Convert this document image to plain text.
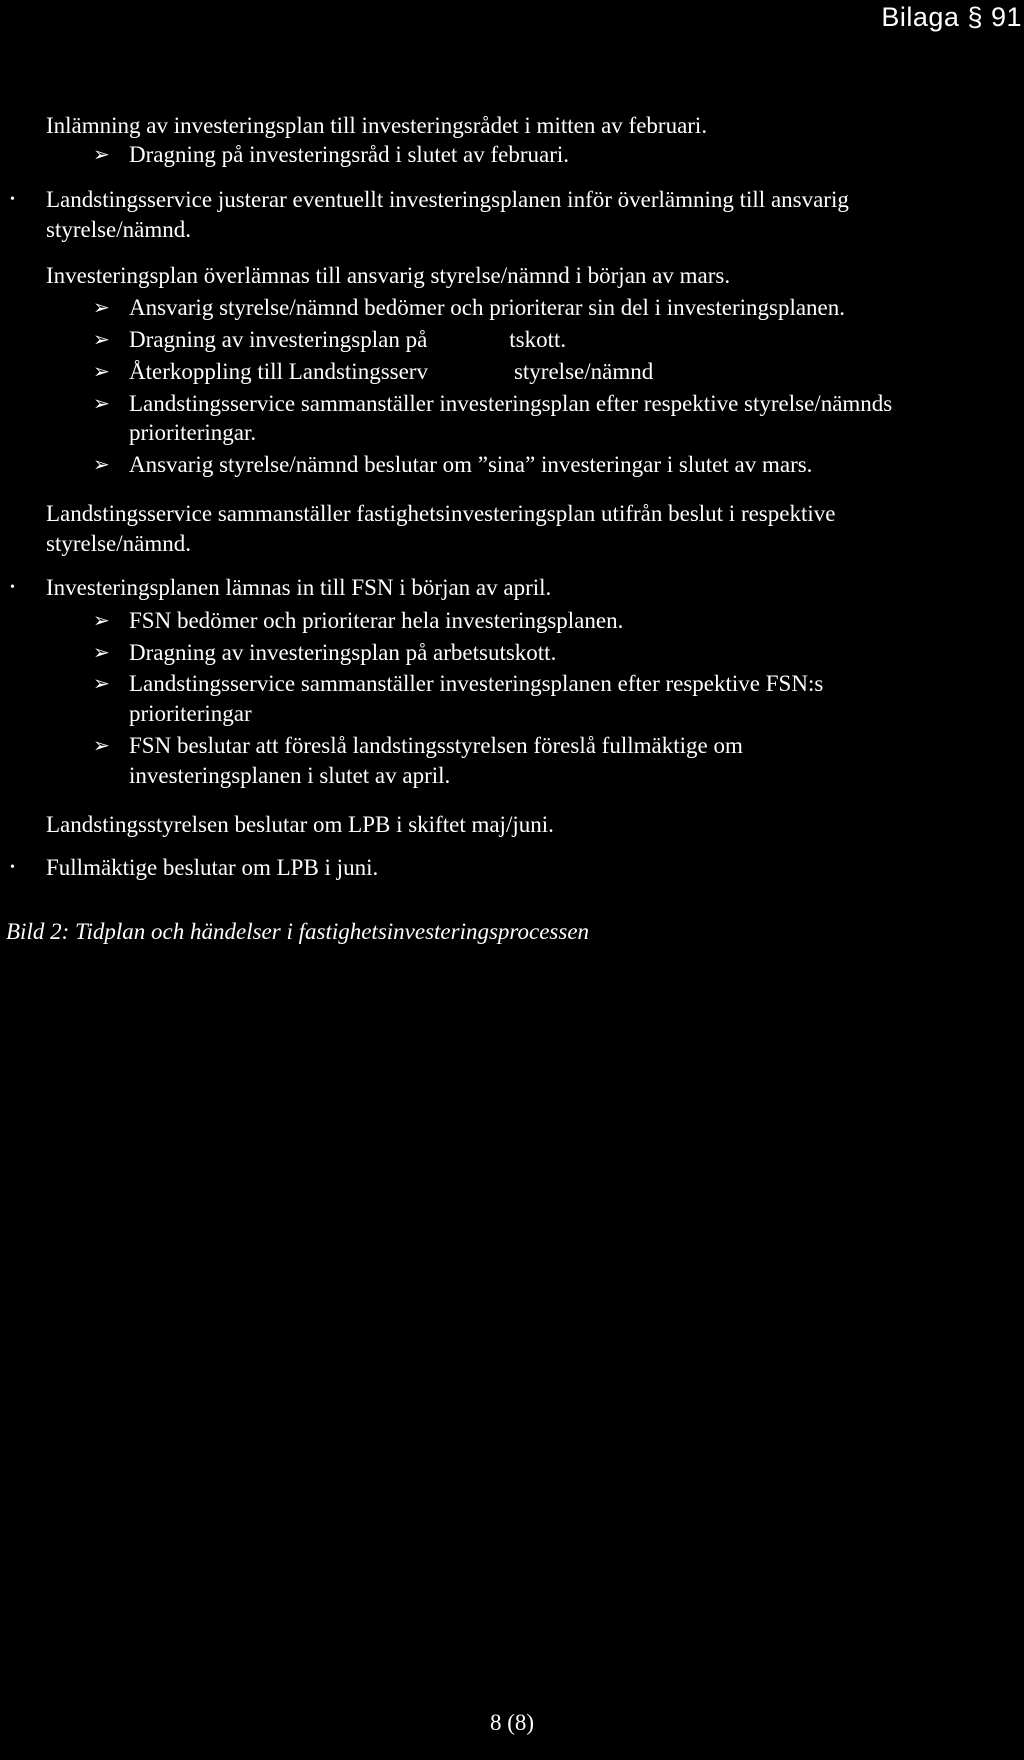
Bilaga § 91
Inlämning av investeringsplan till investeringsrådet i mitten av februari.
➢ Dragning på investeringsråd i slutet av februari.
• Landstingsservice justerar eventuellt investeringsplanen inför överlämning till ansvarig
styrelse/nämnd.
Investeringsplan överlämnas till ansvarig styrelse/nämnd i början av mars.
➢ Ansvarig styrelse/nämnd bedömer och prioriterar sin del i investeringsplanen.
➢ Dragning av investeringsplan på	tskott.
➢ Återkoppling till Landstingsserv	styrelse/nämnd
➢ Landstingsservice sammanställer investeringsplan efter respektive styrelse/nämnds
prioriteringar.
➢ Ansvarig styrelse/nämnd beslutar om ”sina” investeringar i slutet av mars.
Landstingsservice sammanställer fastighetsinvesteringsplan utifrån beslut i respektive
styrelse/nämnd.
• Investeringsplanen lämnas in till FSN i början av april.
➢ FSN bedömer och prioriterar hela investeringsplanen.
➢ Dragning av investeringsplan på arbetsutskott.
➢ Landstingsservice sammanställer investeringsplanen efter respektive FSN:s
prioriteringar
➢ FSN beslutar att föreslå landstingsstyrelsen föreslå fullmäktige om
investeringsplanen i slutet av april.
Landstingsstyrelsen beslutar om LPB i skiftet maj/juni.
• Fullmäktige beslutar om LPB i juni.
Bild 2: Tidplan och händelser i fastighetsinvesteringsprocessen
8 (8)
